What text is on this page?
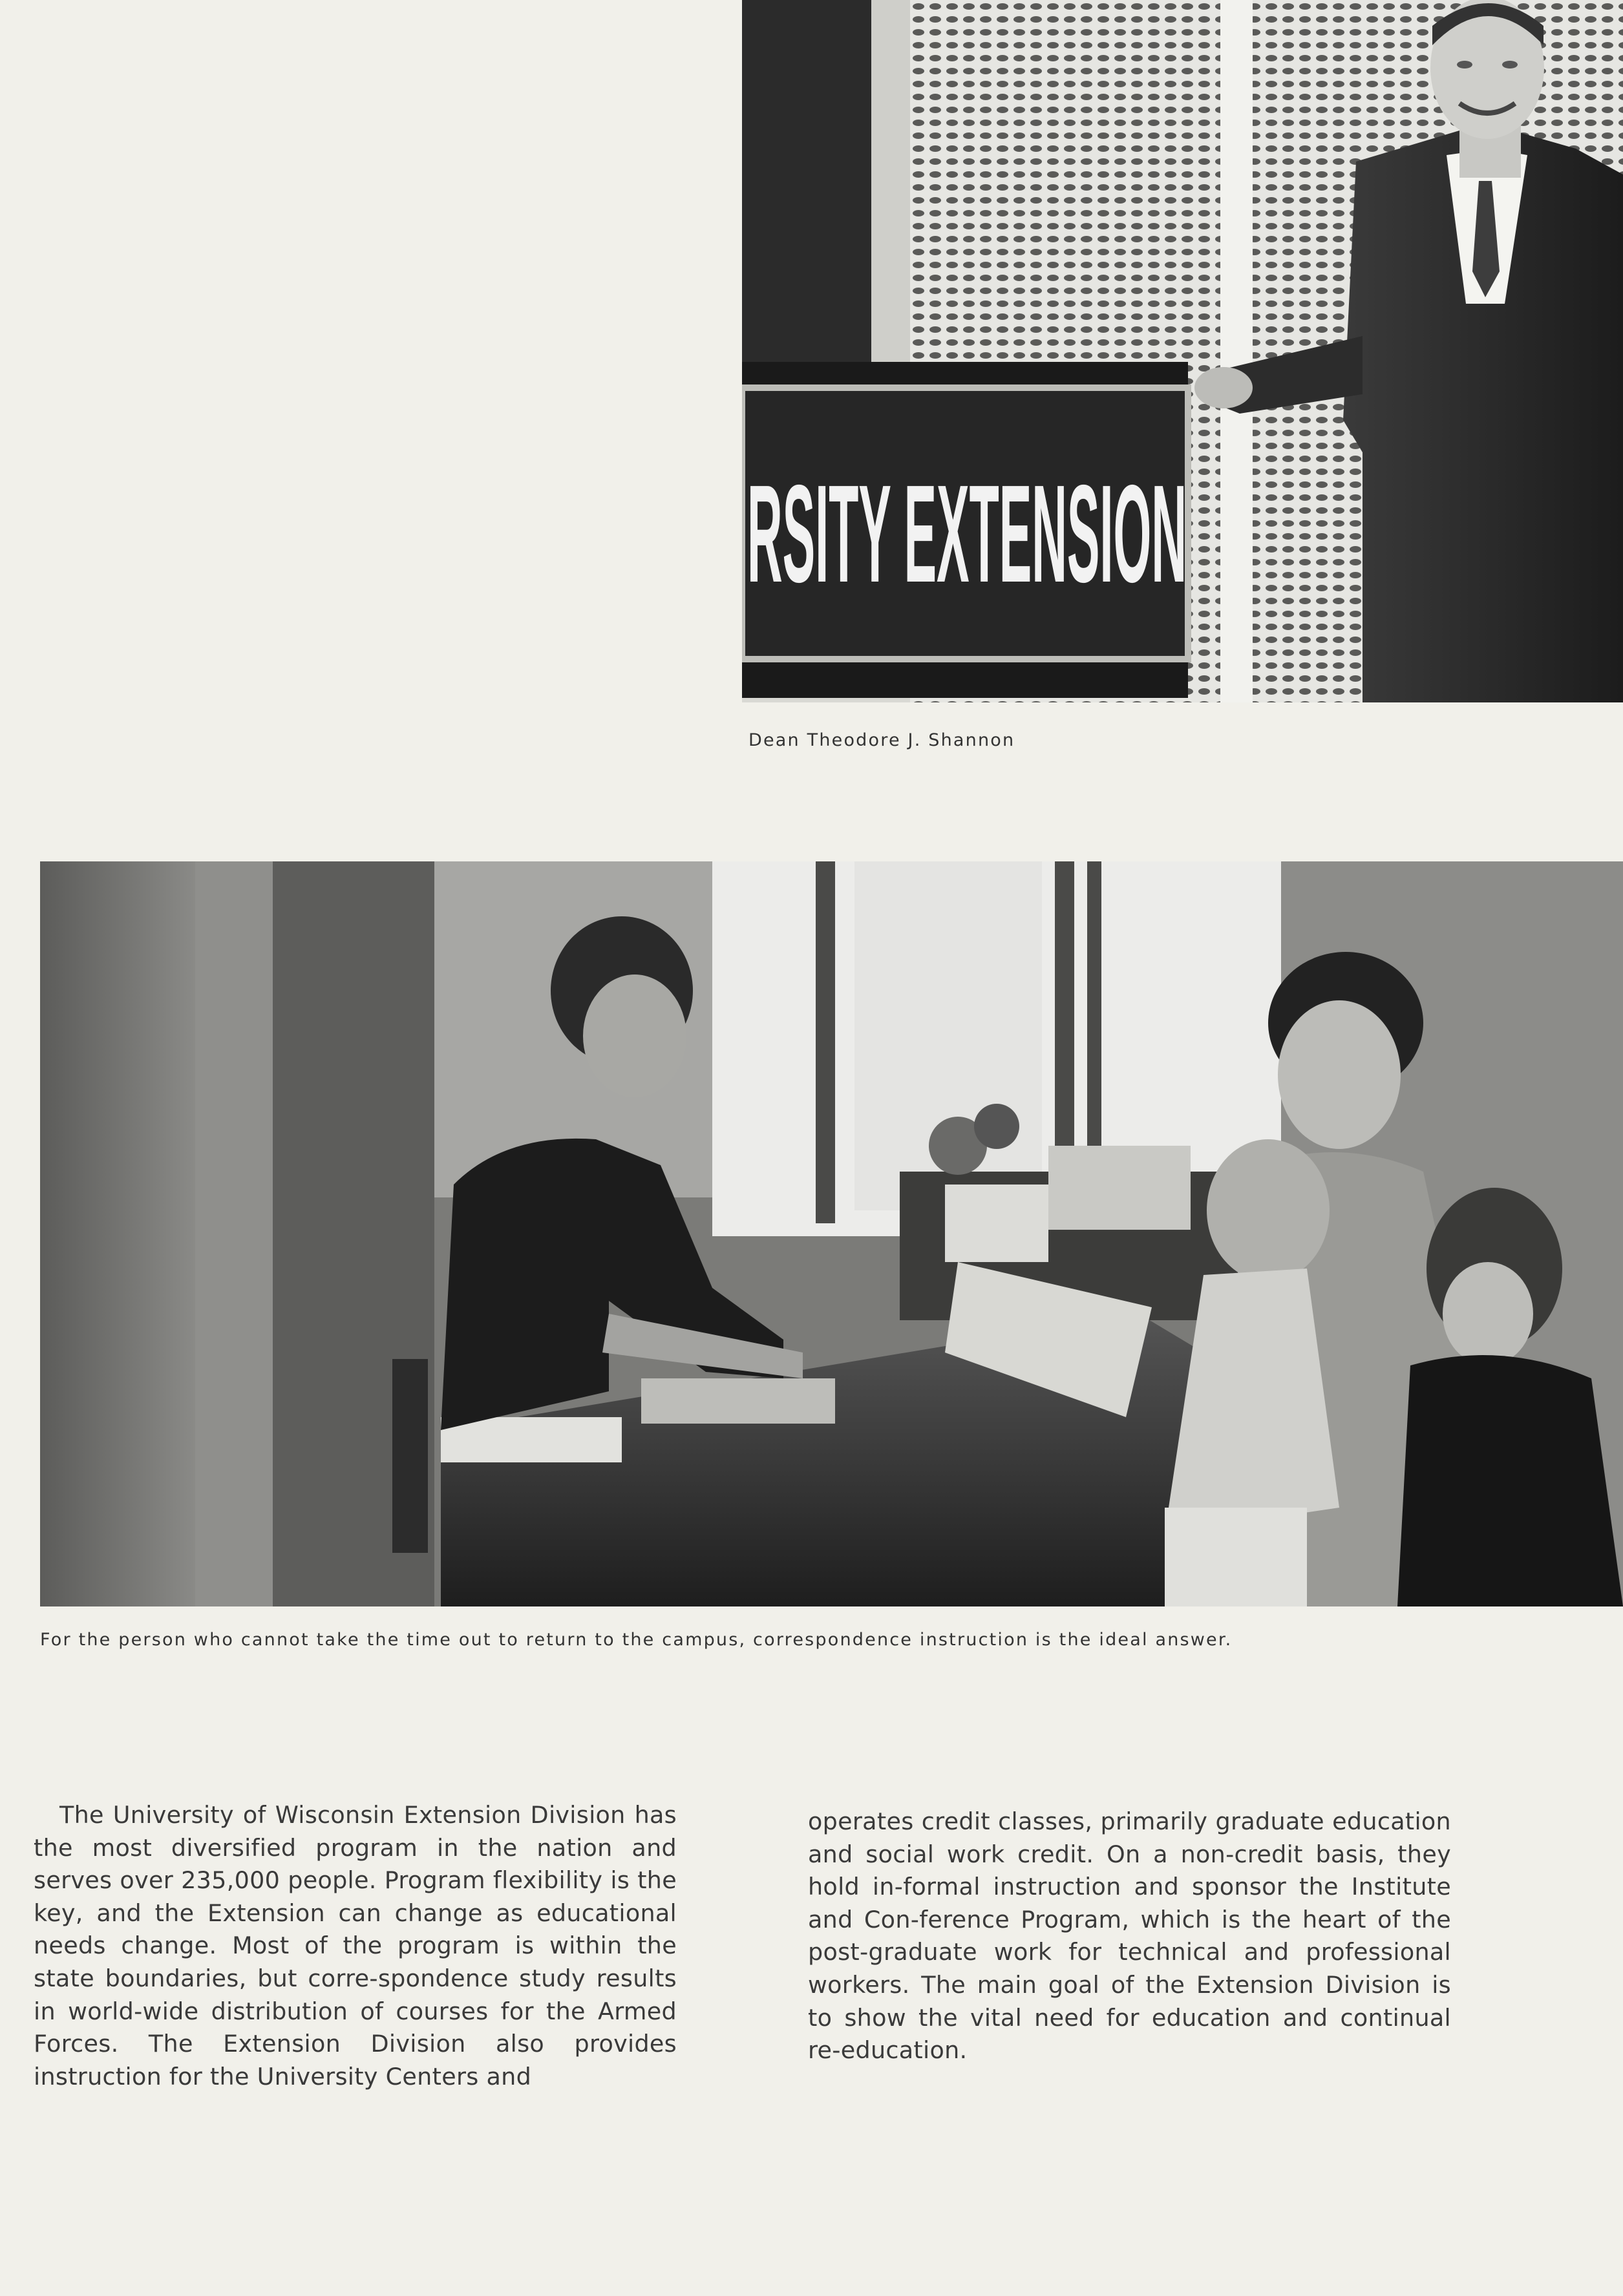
RSITY EXTENSION
Dean Theodore J. Shannon
For the person who cannot take the time out to return to the campus, correspondence instruction is the ideal answer.

The University of Wisconsin Extension Division has the most diversified program in the nation and serves over 235,000 people. Program flexibility is the key, and the Extension can change as educational needs change. Most of the program is within the state boundaries, but corre-spondence study results in world-wide distribution of courses for the Armed Forces. The Extension Division also provides instruction for the University Centers and

operates credit classes, primarily graduate education and social work credit. On a non-credit basis, they hold in-formal instruction and sponsor the Institute and Con-ference Program, which is the heart of the post-graduate work for technical and professional workers. The main goal of the Extension Division is to show the vital need for education and continual re-education.
